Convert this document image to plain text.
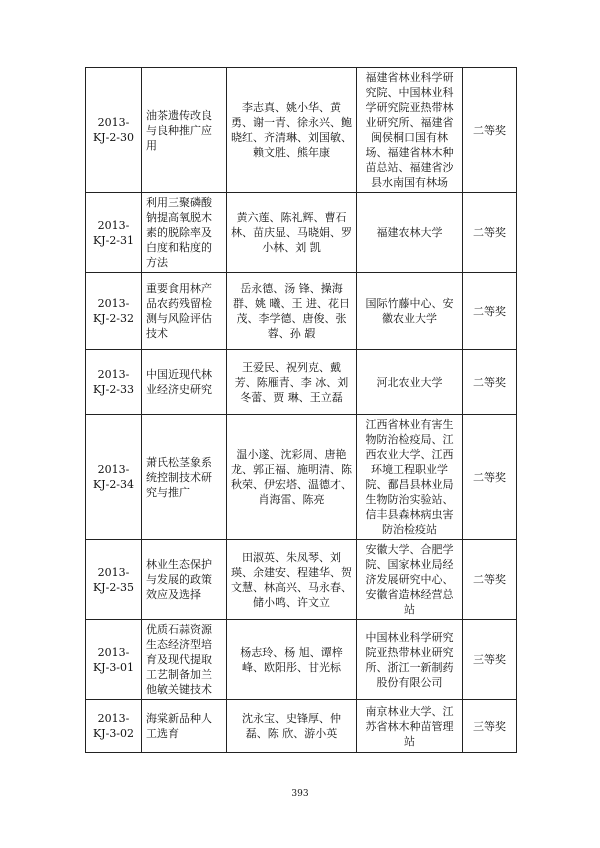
2013-KJ-2-30	油茶遗传改良与良种推广应用	李志真、姚小华、黄 勇、谢一青、徐永兴、鲍晓红、齐清琳、刘国敏、赖文胜、熊年康	福建省林业科学研究院、中国林业科学研究院亚热带林业研究所、福建省闽侯桐口国有林场、福建省林木种苗总站、福建省沙县水南国有林场	二等奖
2013-KJ-2-31	利用三聚磷酸钠提高氧脱木素的脱除率及白度和粘度的方法	黄六莲、陈礼辉、曹石林、苗庆显、马晓娟、罗小林、刘 凯	福建农林大学	二等奖
2013-KJ-2-32	重要食用林产品农药残留检测与风险评估技术	岳永德、汤 锋、操海群、姚 曦、王 进、花日茂、李学德、唐俊、张 蓉、孙 嘏	国际竹藤中心、安徽农业大学	二等奖
2013-KJ-2-33	中国近现代林业经济史研究	王爱民、祝列克、戴 芳、陈雁青、李 冰、刘冬蕾、贾 琳、王立磊	河北农业大学	二等奖
2013-KJ-2-34	萧氏松茎象系统控制技术研究与推广	温小遂、沈彩周、唐艳龙、郭正福、施明清、陈秋荣、伊宏塔、温德才、肖海雷、陈亮	江西省林业有害生物防治检疫局、江西农业大学、江西环境工程职业学院、鄱昌县林业局生物防治实验站、信丰县森林病虫害防治检疫站	二等奖
2013-KJ-2-35	林业生态保护与发展的政策效应及选择	田淑英、朱凤琴、刘 瑛、余建安、程建华、贺文慧、林高兴、马永春、储小鸣、许文立	安徽大学、合肥学院、国家林业局经济发展研究中心、安徽省造林经营总站	二等奖
2013-KJ-3-01	优质石蒜资源生态经济型培育及现代提取工艺制备加兰他敏关键技术	杨志玲、杨 旭、谭梓峰、欧阳彤、甘光标	中国林业科学研究院亚热带林业研究所、浙江一新制药股份有限公司	三等奖
2013-KJ-3-02	海棠新品种人工选育	沈永宝、史锋厚、仲 磊、陈 欣、游小英	南京林业大学、江苏省林木种苗管理站	三等奖
393
